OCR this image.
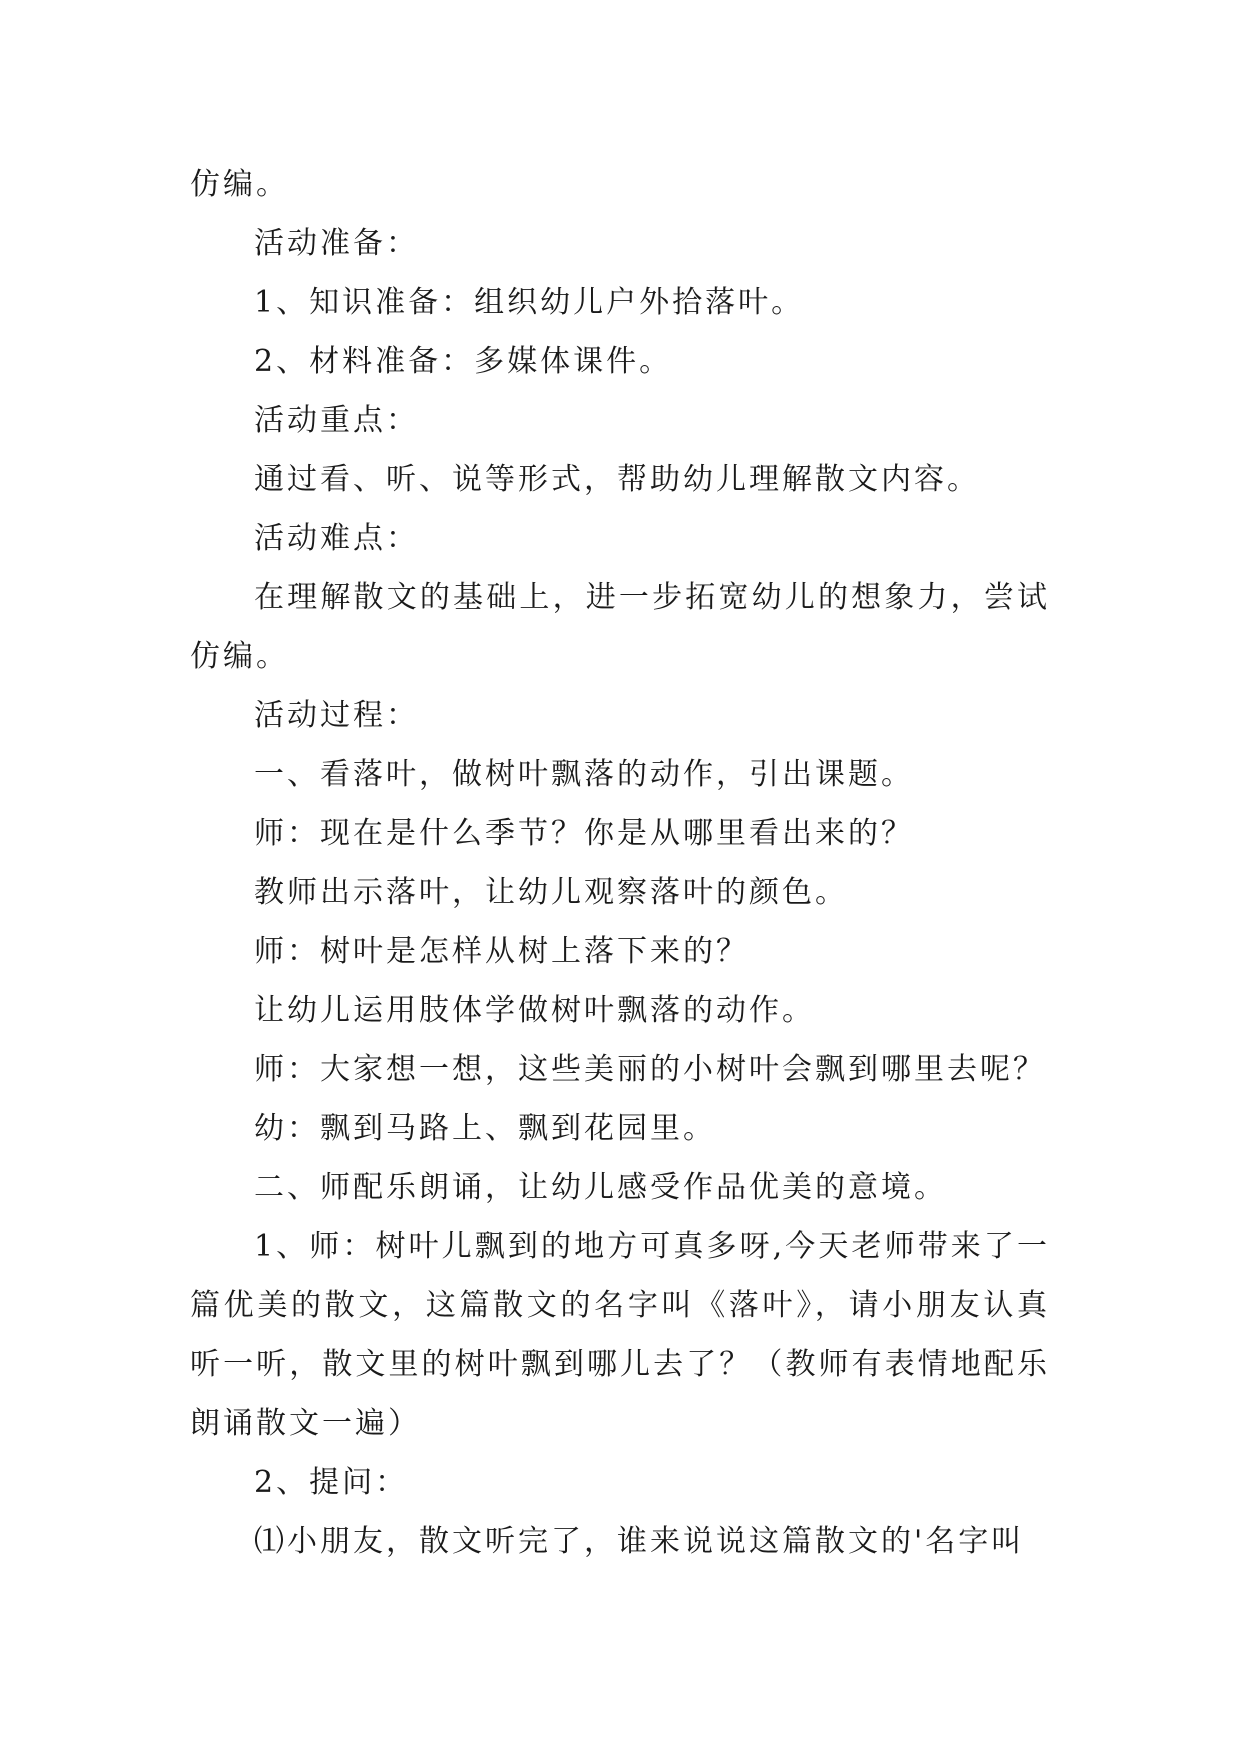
仿编。

活动准备：

1、知识准备：组织幼儿户外拾落叶。

2、材料准备：多媒体课件。

活动重点：

通过看、听、说等形式，帮助幼儿理解散文内容。

活动难点：

在理解散文的基础上，进一步拓宽幼儿的想象力，尝试仿编。

活动过程：

一、看落叶，做树叶飘落的动作，引出课题。

师：现在是什么季节？你是从哪里看出来的？

教师出示落叶，让幼儿观察落叶的颜色。

师：树叶是怎样从树上落下来的？

让幼儿运用肢体学做树叶飘落的动作。

师：大家想一想，这些美丽的小树叶会飘到哪里去呢？

幼：飘到马路上、飘到花园里。

二、师配乐朗诵，让幼儿感受作品优美的意境。

1、师：树叶儿飘到的地方可真多呀,今天老师带来了一篇优美的散文，这篇散文的名字叫《落叶》，请小朋友认真听一听，散文里的树叶飘到哪儿去了？（教师有表情地配乐朗诵散文一遍）

2、提问：

⑴小朋友，散文听完了，谁来说说这篇散文的'名字叫
